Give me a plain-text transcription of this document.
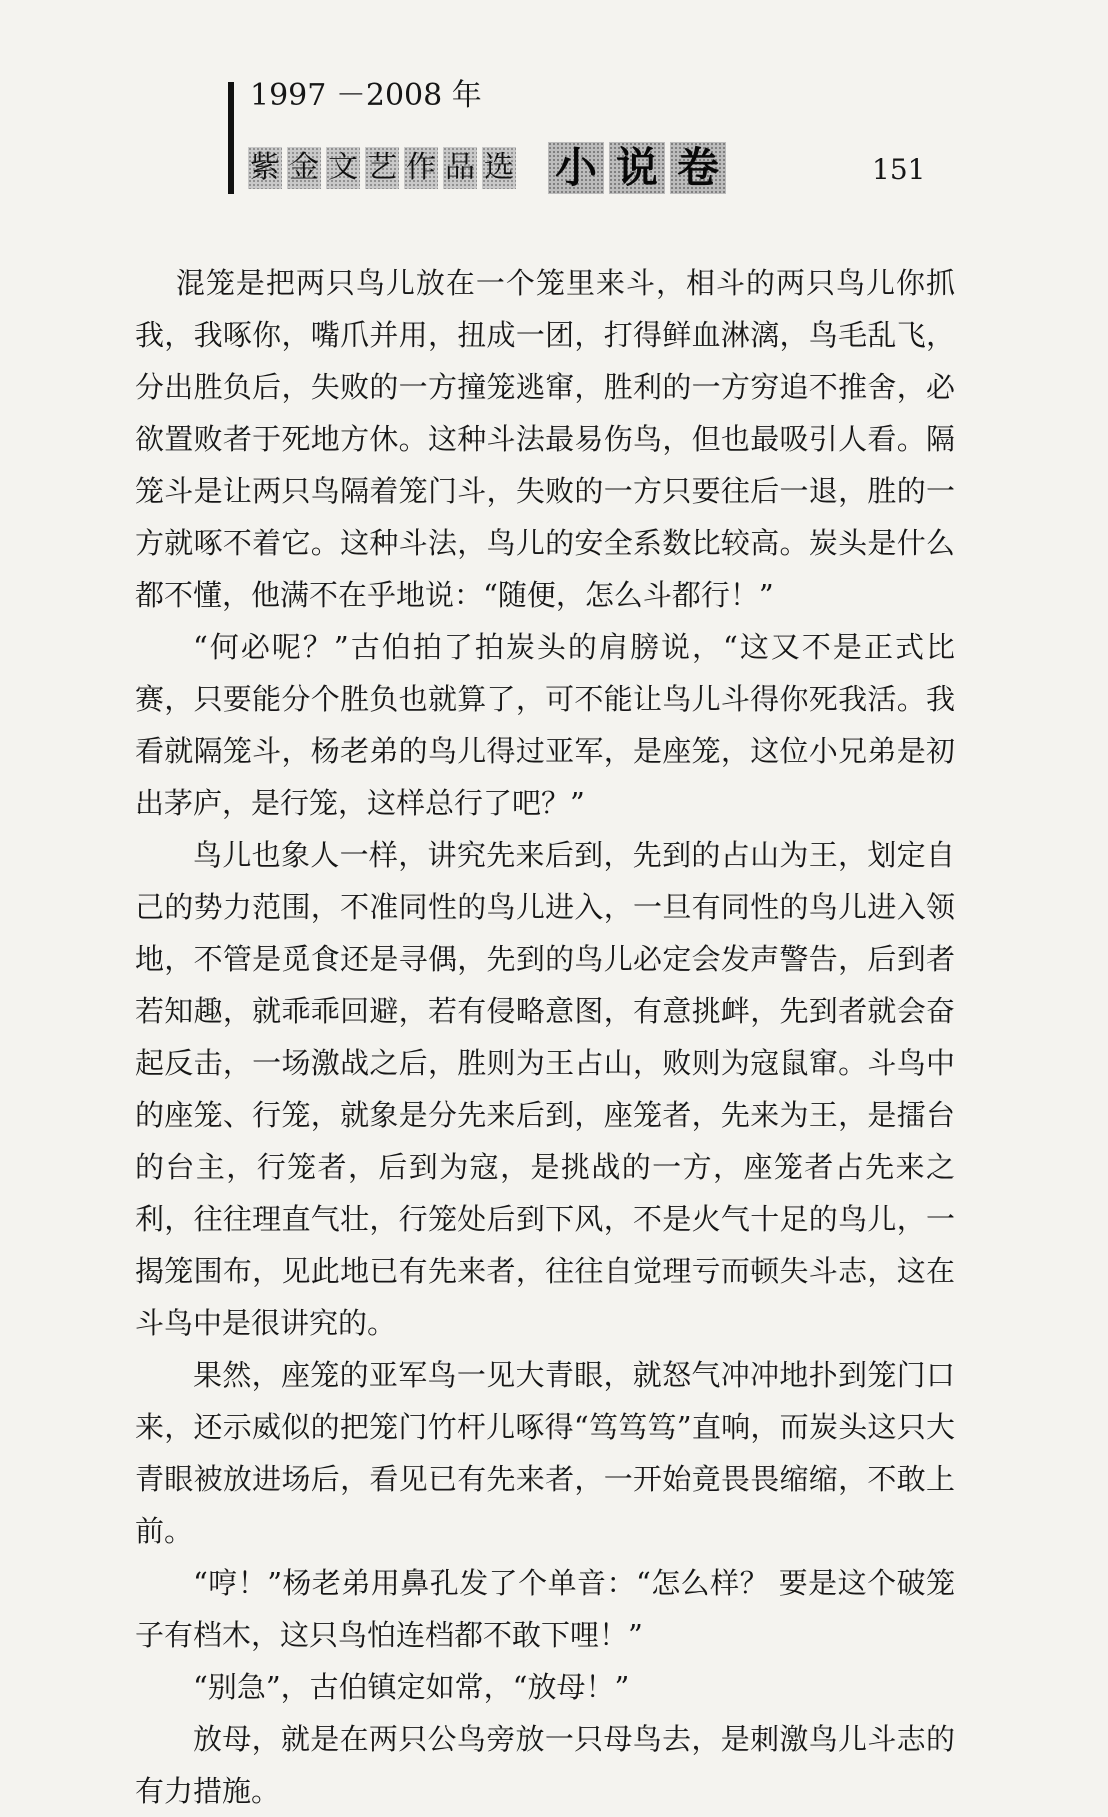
1997 －2008 年
紫 金 文 艺 作 品 选 小 说 卷	151

混笼是把两只鸟儿放在一个笼里来斗，相斗的两只鸟儿你抓我，我啄你，嘴爪并用，扭成一团，打得鲜血淋漓，鸟毛乱飞，分出胜负后，失败的一方撞笼逃窜，胜利的一方穷追不推舍，必欲置败者于死地方休。这种斗法最易伤鸟，但也最吸引人看。隔笼斗是让两只鸟隔着笼门斗，失败的一方只要往后一退，胜的一方就啄不着它。这种斗法，鸟儿的安全系数比较高。炭头是什么都不懂，他满不在乎地说：“随便，怎么斗都行！”

“何必呢？”古伯拍了拍炭头的肩膀说，“这又不是正式比赛，只要能分个胜负也就算了，可不能让鸟儿斗得你死我活。我看就隔笼斗，杨老弟的鸟儿得过亚军，是座笼，这位小兄弟是初出茅庐，是行笼，这样总行了吧？”

鸟儿也象人一样，讲究先来后到，先到的占山为王，划定自己的势力范围，不准同性的鸟儿进入，一旦有同性的鸟儿进入领地，不管是觅食还是寻偶，先到的鸟儿必定会发声警告，后到者若知趣，就乖乖回避，若有侵略意图，有意挑衅，先到者就会奋起反击，一场激战之后，胜则为王占山，败则为寇鼠窜。斗鸟中的座笼、行笼，就象是分先来后到，座笼者，先来为王，是擂台的台主，行笼者，后到为寇，是挑战的一方，座笼者占先来之利，往往理直气壮，行笼处后到下风，不是火气十足的鸟儿，一揭笼围布，见此地已有先来者，往往自觉理亏而顿失斗志，这在斗鸟中是很讲究的。

果然，座笼的亚军鸟一见大青眼，就怒气冲冲地扑到笼门口来，还示威似的把笼门竹杆儿啄得“笃笃笃”直响，而炭头这只大青眼被放进场后，看见已有先来者，一开始竟畏畏缩缩，不敢上前。

“哼！”杨老弟用鼻孔发了个单音：“怎么样？ 要是这个破笼子有档木，这只鸟怕连档都不敢下哩！”

“别急”，古伯镇定如常，“放母！”

放母，就是在两只公鸟旁放一只母鸟去，是刺激鸟儿斗志的有力措施。
